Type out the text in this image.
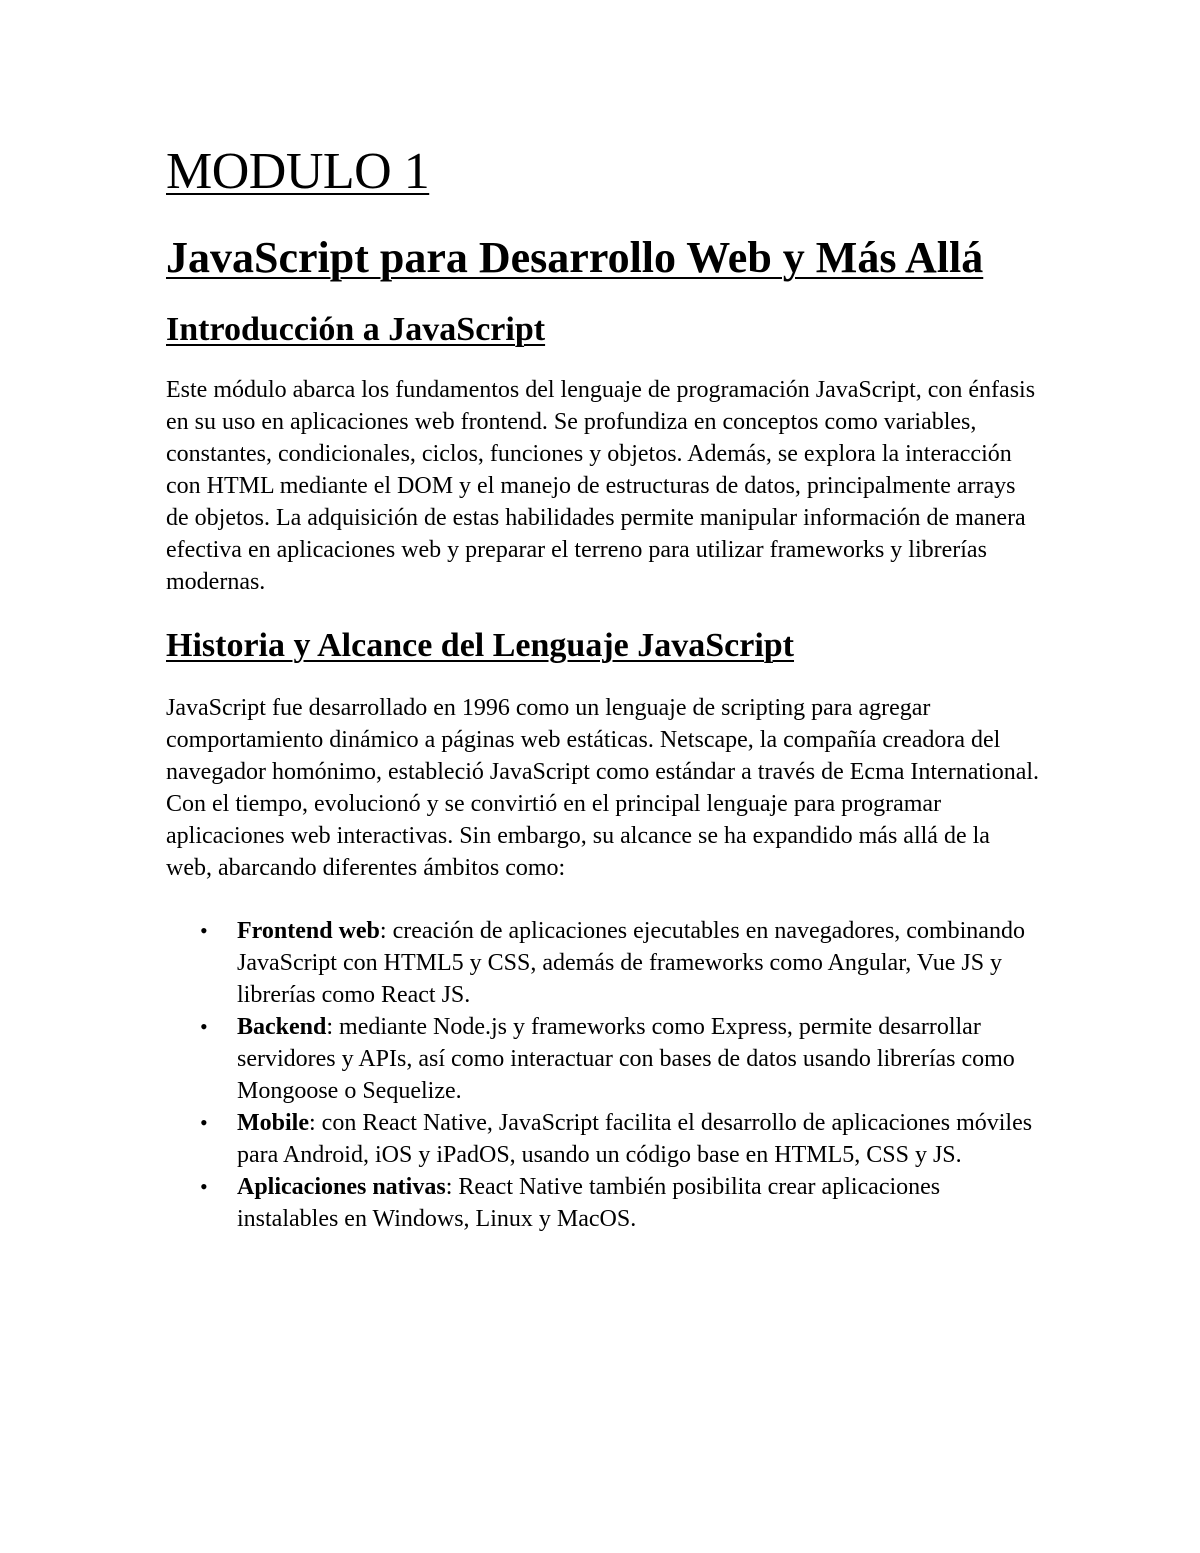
MODULO 1
JavaScript para Desarrollo Web y Más Allá
Introducción a JavaScript

Este módulo abarca los fundamentos del lenguaje de programación JavaScript, con énfasis en su uso en aplicaciones web frontend. Se profundiza en conceptos como variables, constantes, condicionales, ciclos, funciones y objetos. Además, se explora la interacción con HTML mediante el DOM y el manejo de estructuras de datos, principalmente arrays de objetos. La adquisición de estas habilidades permite manipular información de manera efectiva en aplicaciones web y preparar el terreno para utilizar frameworks y librerías modernas.

Historia y Alcance del Lenguaje JavaScript

JavaScript fue desarrollado en 1996 como un lenguaje de scripting para agregar comportamiento dinámico a páginas web estáticas. Netscape, la compañía creadora del navegador homónimo, estableció JavaScript como estándar a través de Ecma International. Con el tiempo, evolucionó y se convirtió en el principal lenguaje para programar aplicaciones web interactivas. Sin embargo, su alcance se ha expandido más allá de la web, abarcando diferentes ámbitos como:

• Frontend web: creación de aplicaciones ejecutables en navegadores, combinando JavaScript con HTML5 y CSS, además de frameworks como Angular, Vue JS y librerías como React JS.
• Backend: mediante Node.js y frameworks como Express, permite desarrollar servidores y APIs, así como interactuar con bases de datos usando librerías como Mongoose o Sequelize.
• Mobile: con React Native, JavaScript facilita el desarrollo de aplicaciones móviles para Android, iOS y iPadOS, usando un código base en HTML5, CSS y JS.
• Aplicaciones nativas: React Native también posibilita crear aplicaciones instalables en Windows, Linux y MacOS.
